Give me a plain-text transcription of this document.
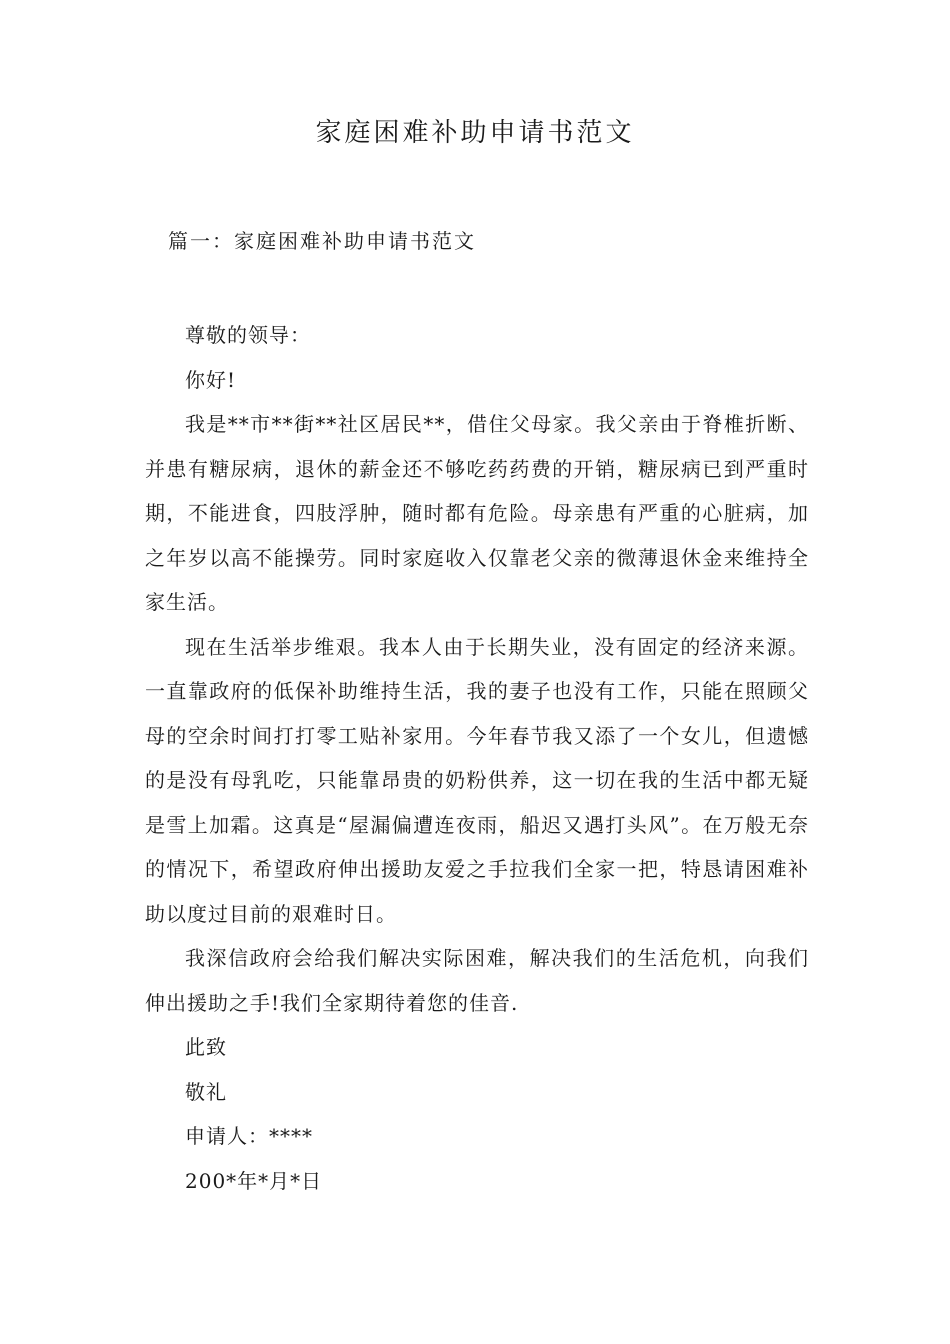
家庭困难补助申请书范文
篇一：家庭困难补助申请书范文

尊敬的领导：

你好!

我是**市**街**社区居民**，借住父母家。我父亲由于脊椎折断、并患有糖尿病，退休的薪金还不够吃药药费的开销，糖尿病已到严重时期，不能进食，四肢浮肿，随时都有危险。母亲患有严重的心脏病，加之年岁以高不能操劳。同时家庭收入仅靠老父亲的微薄退休金来维持全家生活。

现在生活举步维艰。我本人由于长期失业，没有固定的经济来源。一直靠政府的低保补助维持生活，我的妻子也没有工作，只能在照顾父母的空余时间打打零工贴补家用。今年春节我又添了一个女儿，但遗憾的是没有母乳吃，只能靠昂贵的奶粉供养，这一切在我的生活中都无疑是雪上加霜。这真是“屋漏偏遭连夜雨，船迟又遇打头风”。在万般无奈的情况下，希望政府伸出援助友爱之手拉我们全家一把，特恳请困难补助以度过目前的艰难时日。

我深信政府会给我们解决实际困难，解决我们的生活危机，向我们伸出援助之手!我们全家期待着您的佳音.

此致

敬礼

申请人：****

200*年*月*日
